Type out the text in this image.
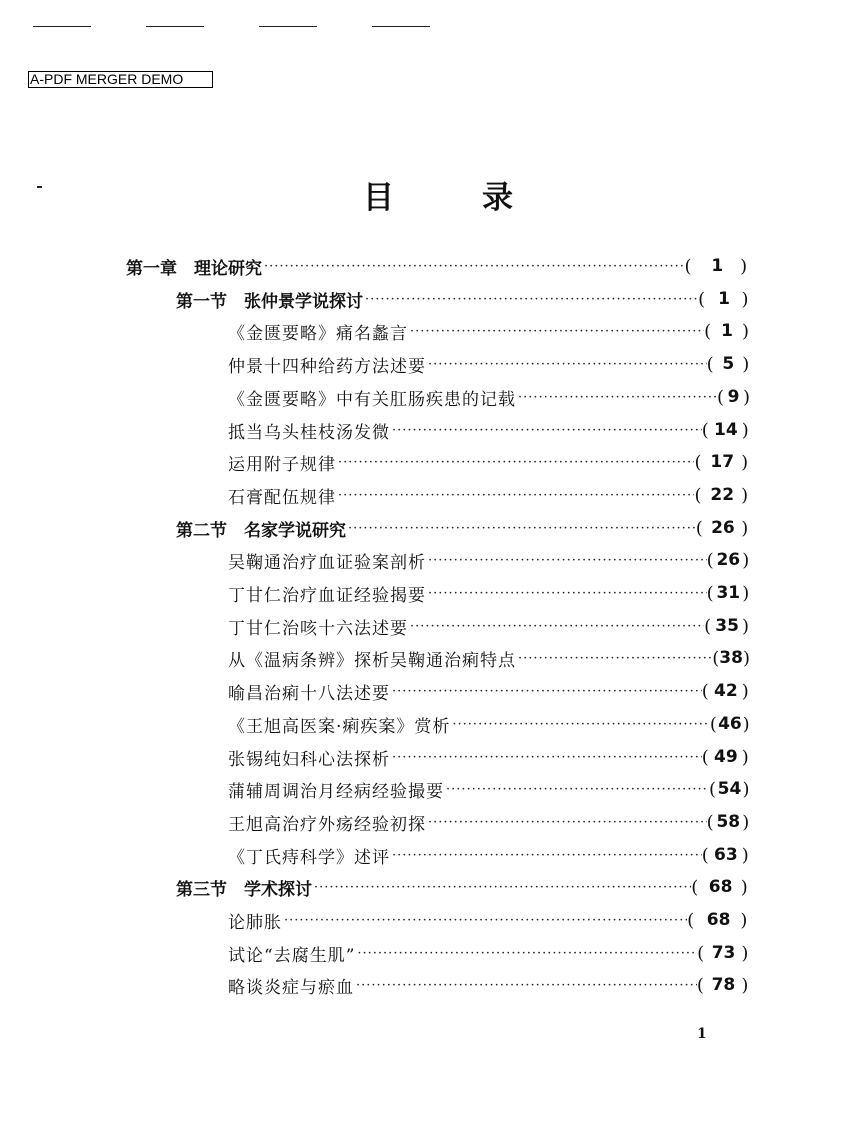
A-PDF MERGER DEMO
目	录
第一章　理论研究 ·····	(	1 )
第一节　张仲景学说探讨 ·····	( 1 )
《金匮要略》痛名蠡言 ·····	( 1 )
仲景十四种给药方法述要 ·····	( 5 )
《金匮要略》中有关肛肠疾患的记载 ·····	( 9 )
抵当乌头桂枝汤发微 ·····	( 14 )
运用附子规律 ·····	( 17 )
石膏配伍规律 ·····	( 22 )
第二节　名家学说研究 ·····	( 26 )
吴鞠通治疗血证验案剖析 ·····	( 26 )
丁甘仁治疗血证经验揭要 ·····	( 31 )
丁甘仁治咳十六法述要 ·····	( 35 )
从《温病条辨》探析吴鞠通治痢特点 ·····	( 38 )
喻昌治痢十八法述要 ·····	( 42 )
《王旭高医案·痢疾案》赏析 ·····	( 46 )
张锡纯妇科心法探析 ·····	( 49 )
蒲辅周调治月经病经验撮要 ·····	( 54 )
王旭高治疗外疡经验初探 ·····	( 58 )
《丁氏痔科学》述评 ·····	( 63 )
第三节　学术探讨 ·····	( 68 )
论肺胀 ·····	( 68 )
试论“去腐生肌” ·····	( 73 )
略谈炎症与瘀血 ·····	( 78 )
1
